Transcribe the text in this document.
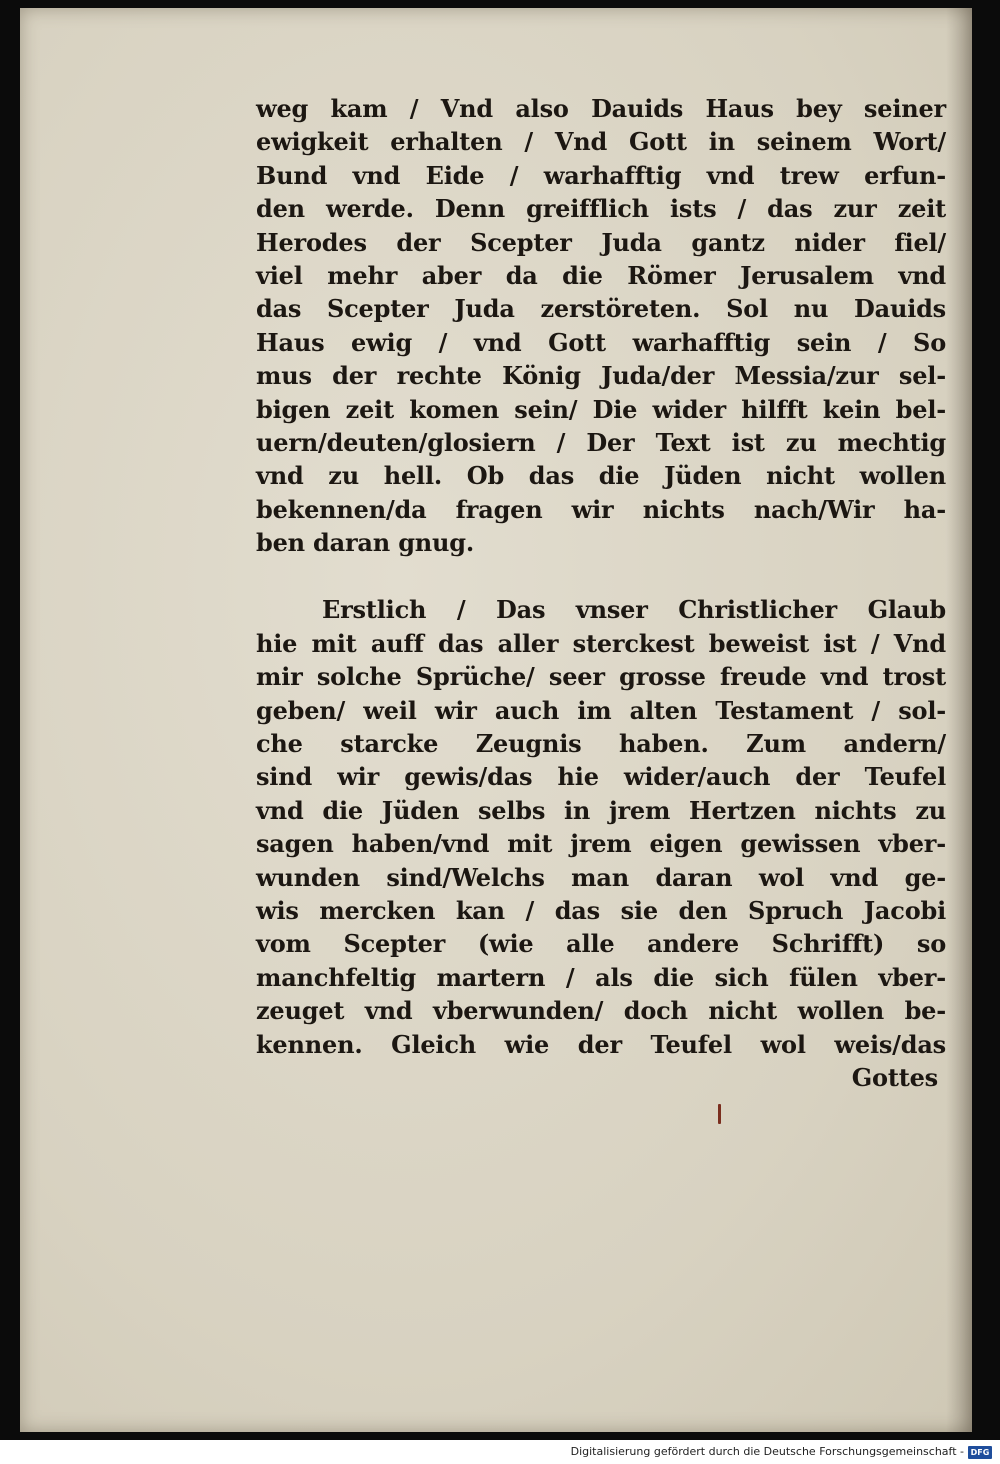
weg kam / Vnd also Dauids Haus bey seiner
ewigkeit erhalten / Vnd Gott in seinem Wort/
Bund vnd Eide / warhafftig vnd trew erfun-
den werde. Denn greifflich ists / das zur zeit
Herodes der Scepter Juda gantz nider fiel/
viel mehr aber da die Römer Jerusalem vnd
das Scepter Juda zerstöreten. Sol nu Dauids
Haus ewig / vnd Gott warhafftig sein / So
mus der rechte König Juda/der Messia/zur sel-
bigen zeit komen sein/ Die wider hilfft kein bel-
uern/deuten/glosiern / Der Text ist zu mechtig
vnd zu hell. Ob das die Jüden nicht wollen
bekennen/da fragen wir nichts nach/Wir ha-
ben daran gnug.
Erstlich / Das vnser Christlicher Glaub
hie mit auff das aller sterckest beweist ist / Vnd
mir solche Sprüche/ seer grosse freude vnd trost
geben/ weil wir auch im alten Testament / sol-
che starcke Zeugnis haben. Zum andern/
sind wir gewis/das hie wider/auch der Teufel
vnd die Jüden selbs in jrem Hertzen nichts zu
sagen haben/vnd mit jrem eigen gewissen vber-
wunden sind/Welchs man daran wol vnd ge-
wis mercken kan / das sie den Spruch Jacobi
vom Scepter (wie alle andere Schrifft) so
manchfeltig martern / als die sich fülen vber-
zeuget vnd vberwunden/ doch nicht wollen be-
kennen. Gleich wie der Teufel wol weis/das
Gottes
Digitalisierung gefördert durch die Deutsche Forschungsgemeinschaft - DFG
